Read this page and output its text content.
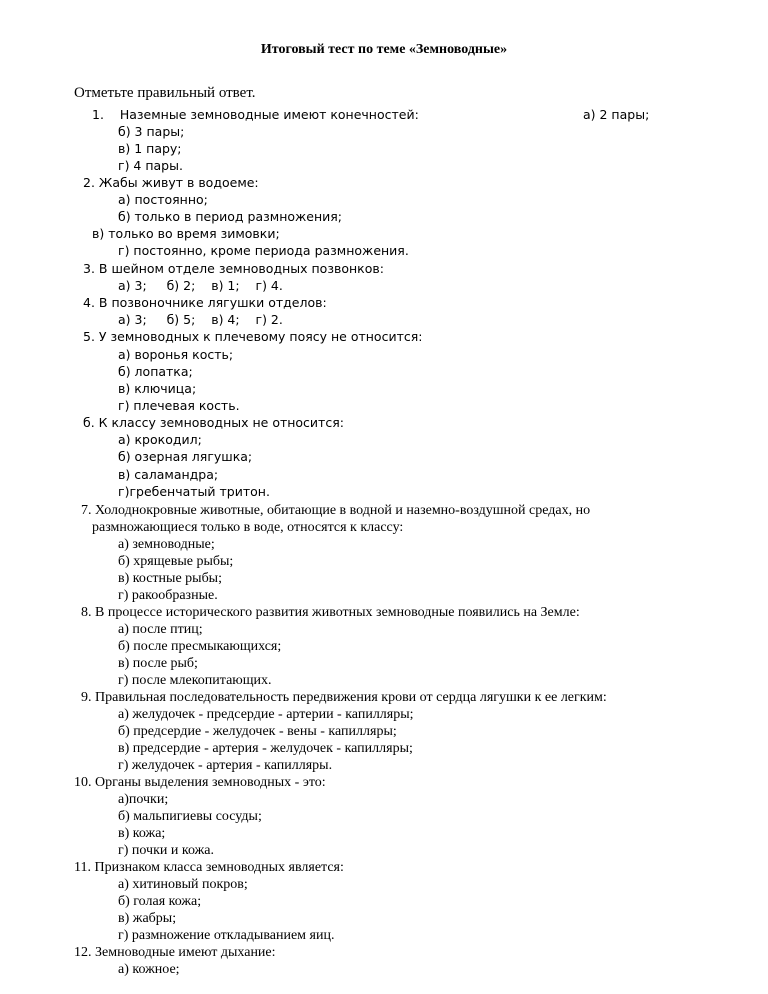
Итоговый тест по теме «Земноводные»
Отметьте правильный ответ.
1. Наземные земноводные имеют конечностей:	а) 2 пары;
б) 3 пары;
в) 1 пару;
г) 4 пары.
2. Жабы живут в водоеме:
а) постоянно;
б) только в период размножения;
в) только во время зимовки;
г) постоянно, кроме периода размножения.
3. В шейном отделе земноводных позвонков:
а) 3; б) 2; в) 1; г) 4.
4. В позвоночнике лягушки отделов:
а) 3; б) 5; в) 4; г) 2.
5. У земноводных к плечевому поясу не относится:
а) воронья кость;
б) лопатка;
в) ключица;
г) плечевая кость.
б. К классу земноводных не относится:
а) крокодил;
б) озерная лягушка;
в) саламандра;
г)гребенчатый тритон.
7. Холоднокровные животные, обитающие в водной и наземно-воздушной средах, но
размножающиеся только в воде, относятся к классу:
а) земноводные;
б) хрящевые рыбы;
в) костные рыбы;
г) ракообразные.
8. В процессе исторического развития животных земноводные появились на Земле:
а) после птиц;
б) после пресмыкающихся;
в) после рыб;
г) после млекопитающих.
9. Правильная последовательность передвижения крови от сердца лягушки к ее легким:
а) желудочек - предсердие - артерии - капилляры;
б) предсердие - желудочек - вены - капилляры;
в) предсердие - артерия - желудочек - капилляры;
г) желудочек - артерия - капилляры.
10. Органы выделения земноводных - это:
а)почки;
б) мальпигиевы сосуды;
в) кожа;
г) почки и кожа.
11. Признаком класса земноводных является:
а) хитиновый покров;
б) голая кожа;
в) жабры;
г) размножение откладыванием яиц.
12. Земноводные имеют дыхание:
а) кожное;
